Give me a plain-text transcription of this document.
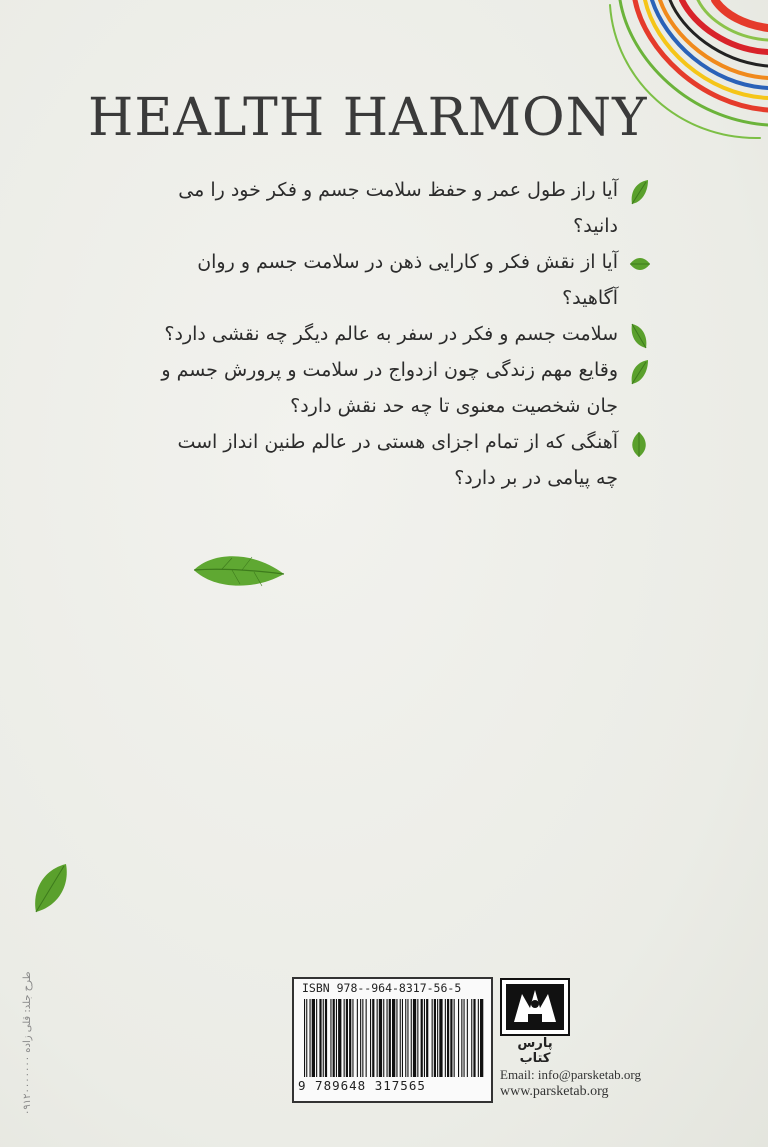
HEALTH HARMONY
آیا راز طول عمر و حفظ سلامت جسم و فکر خود را می دانید؟
آیا از نقش فکر و کارایی ذهن در سلامت جسم و روان آگاهید؟
سلامت جسم و فکر در سفر به عالم دیگر چه نقشی دارد؟
وقایع مهم زندگی چون ازدواج در سلامت و پرورش جسم و جان شخصیت معنوی تا چه حد نقش دارد؟
آهنگی که از تمام اجزای هستی در عالم طنین انداز است چه پیامی در بر دارد؟
طرح جلد: قلی زاده ۰۹۱۲۰۰۰۰۰۰۰	ISBN 978--964-8317-56-5
9 789648 317565
پارس کتاب
Email: info@parsketab.org
www.parsketab.org
